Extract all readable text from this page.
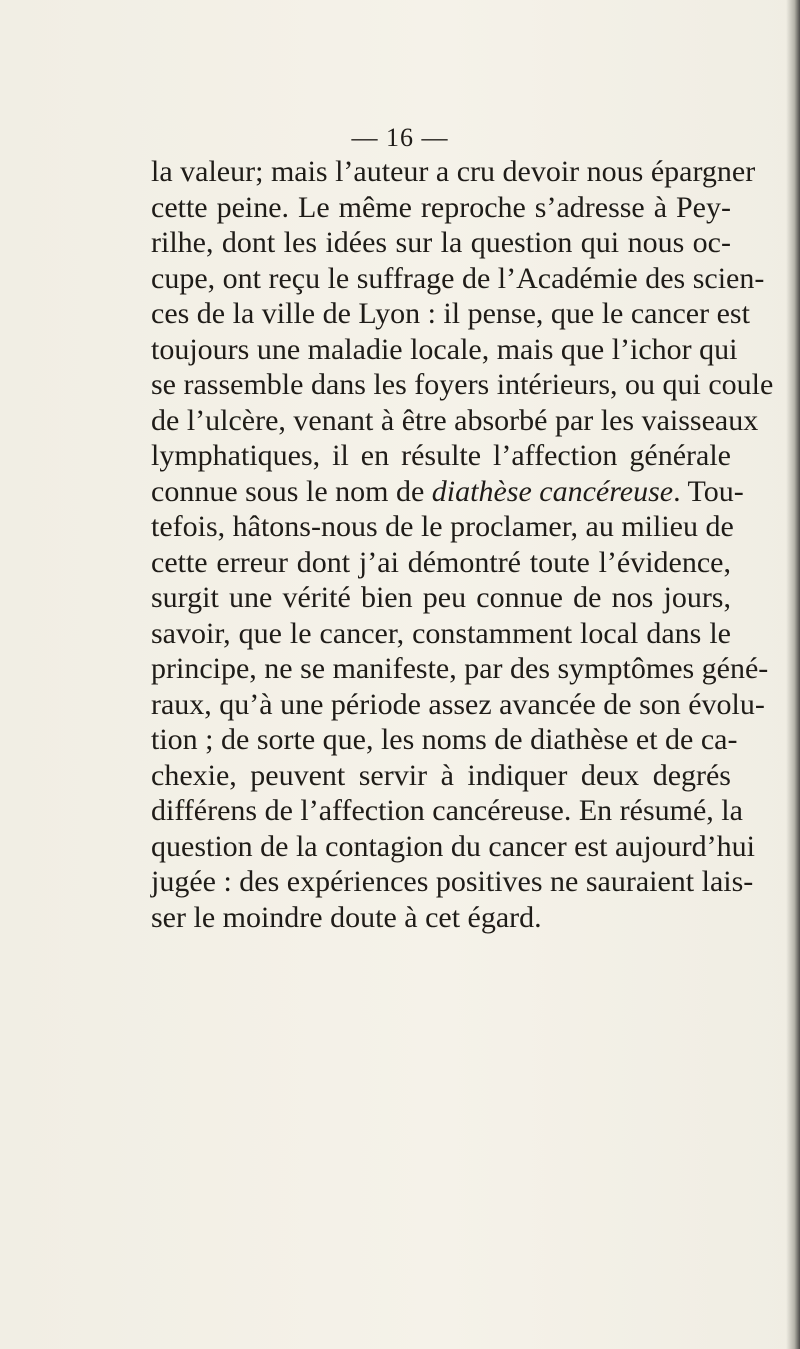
— 16 —
la valeur; mais l’auteur a cru devoir nous épargner
cette peine. Le même reproche s’adresse à Pey-
rilhe, dont les idées sur la question qui nous oc-
cupe, ont reçu le suffrage de l’Académie des scien-
ces de la ville de Lyon : il pense, que le cancer est
toujours une maladie locale, mais que l’ichor qui
se rassemble dans les foyers intérieurs, ou qui coule
de l’ulcère, venant à être absorbé par les vaisseaux
lymphatiques, il en résulte l’affection générale
connue sous le nom de diathèse cancéreuse. Tou-
tefois, hâtons-nous de le proclamer, au milieu de
cette erreur dont j’ai démontré toute l’évidence,
surgit une vérité bien peu connue de nos jours,
savoir, que le cancer, constamment local dans le
principe, ne se manifeste, par des symptômes géné-
raux, qu’à une période assez avancée de son évolu-
tion ; de sorte que, les noms de diathèse et de ca-
chexie, peuvent servir à indiquer deux degrés
différens de l’affection cancéreuse. En résumé, la
question de la contagion du cancer est aujourd’hui
jugée : des expériences positives ne sauraient lais-
ser le moindre doute à cet égard.
